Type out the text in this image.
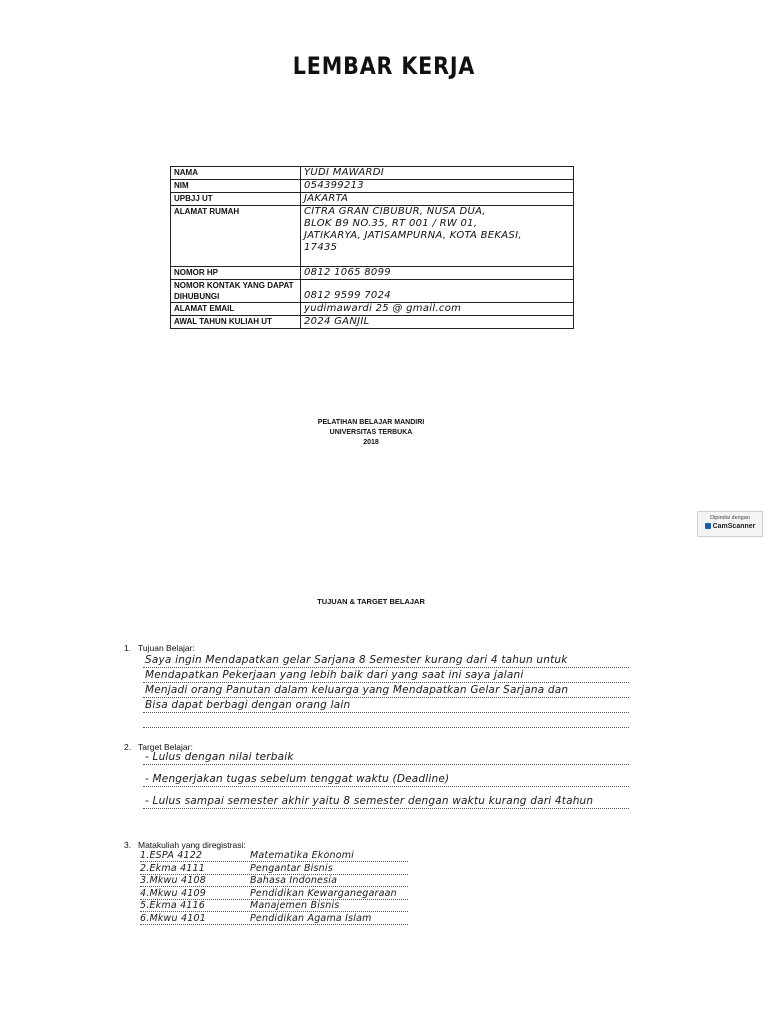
LEMBAR KERJA
NAMA	YUDI MAWARDI
NIM	054399213
UPBJJ UT	JAKARTA
ALAMAT RUMAH	CITRA GRAN CIBUBUR, NUSA DUA,
BLOK B9 NO.35, RT 001 / RW 01,
JATIKARYA, JATISAMPURNA, KOTA BEKASI,
17435
NOMOR HP	0812 1065 8099
NOMOR KONTAK YANG DAPAT DIHUBUNGI	0812 9599 7024
ALAMAT EMAIL	yudimawardi 25 @ gmail.com
AWAL TAHUN KULIAH UT	2024 GANJIL
PELATIHAN BELAJAR MANDIRI
UNIVERSITAS TERBUKA
2018
Dipindai dengan
CamScanner
TUJUAN & TARGET BELAJAR
1. Tujuan Belajar:
Saya ingin Mendapatkan gelar Sarjana 8 Semester kurang dari 4 tahun untuk
Mendapatkan Pekerjaan yang lebih baik dari yang saat ini saya jalani
Menjadi orang Panutan dalam keluarga yang Mendapatkan Gelar Sarjana dan
Bisa dapat berbagi dengan orang lain
2. Target Belajar:
- Lulus dengan nilai terbaik
- Mengerjakan tugas sebelum tenggat waktu (Deadline)
- Lulus sampai semester akhir yaitu 8 semester dengan waktu kurang dari 4tahun
3. Matakuliah yang diregistrasi:
1.ESPA 4122	Matematika Ekonomi
2.Ekma 4111	Pengantar Bisnis
3.Mkwu 4108	Bahasa Indonesia
4.Mkwu 4109	Pendidikan Kewarganegaraan
5.Ekma 4116	Manajemen Bisnis
6.Mkwu 4101	Pendidikan Agama Islam
